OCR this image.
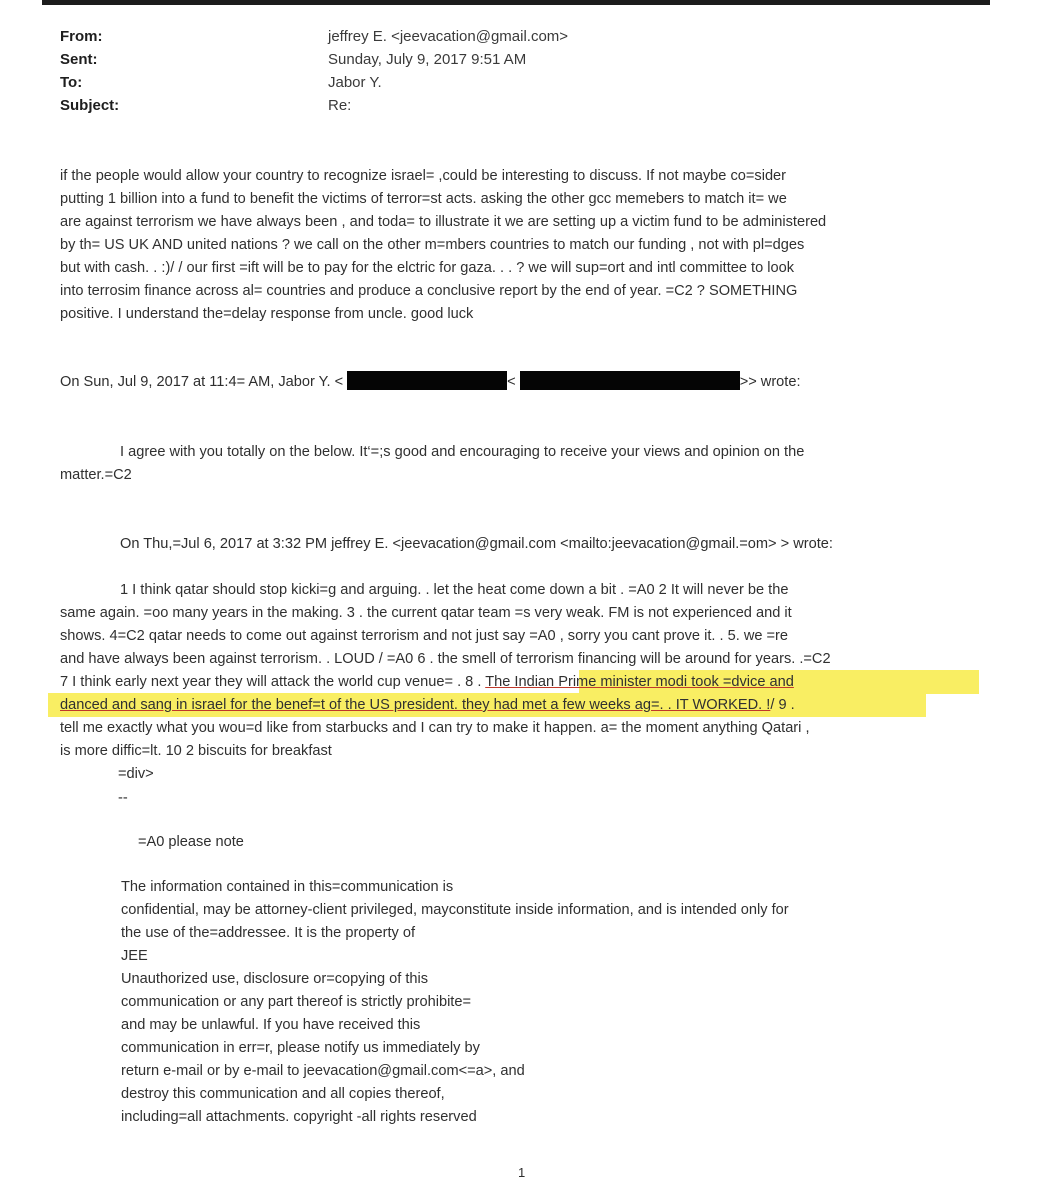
From:
Sent:
To:
Subject:
jeffrey E. <jeevacation@gmail.com>
Sunday, July 9, 2017 9:51 AM
Jabor Y.
Re:
if the people would allow your country to recognize israel= ,could be interesting to discuss. If not maybe co=sider
putting 1 billion into a fund to benefit the victims of terror=st acts. asking the other gcc memebers to match it= we
are against terrorism we have always been , and toda= to illustrate it we are setting up a victim fund to be administered
by th= US UK AND united nations ? we call on the other m=mbers countries to match our funding , not with pl=dges
but with cash. . :)/ / our first =ift will be to pay for the elctric for gaza. . . ? we will sup=ort and intl committee to look
into terrosim finance across al= countries and produce a conclusive report by the end of year. =C2 ? SOMETHING
positive. I understand the=delay response from uncle. good luck
On Sun, Jul 9, 2017 at 11:4= AM, Jabor Y. <	<	>> wrote:
I agree with you totally on the below. It‘=;s good and encouraging to receive your views and opinion on the
matter.=C2
On Thu,=Jul 6, 2017 at 3:32 PM jeffrey E. <jeevacation@gmail.com <mailto:jeevacation@gmail.=om> > wrote:
1 I think qatar should stop kicki=g and arguing. . let the heat come down a bit . =A0 2 It will never be the
same again. =oo many years in the making. 3 . the current qatar team =s very weak. FM is not experienced and it
shows. 4=C2 qatar needs to come out against terrorism and not just say =A0 , sorry you cant prove it. . 5. we =re
and have always been against terrorism. . LOUD / =A0 6 . the smell of terrorism financing will be around for years. .=C2
7 I think early next year they will attack the world cup venue= . 8 . The Indian Prime minister modi took =dvice and
danced and sang in israel for the benef=t of the US president. they had met a few weeks ag=. . IT WORKED. !/ 9 .
tell me exactly what you wou=d like from starbucks and I can try to make it happen. a= the moment anything Qatari ,
is more diffic=lt. 10 2 biscuits for breakfast
=div>
--
=A0 please note
The information contained in this=communication is
confidential, may be attorney-client privileged, mayconstitute inside information, and is intended only for
the use of the=addressee. It is the property of
JEE
Unauthorized use, disclosure or=copying of this
communication or any part thereof is strictly prohibite=
and may be unlawful. If you have received this
communication in err=r, please notify us immediately by
return e-mail or by e-mail to jeevacation@gmail.com<=a>, and
destroy this communication and all copies thereof,
including=all attachments. copyright -all rights reserved
1
